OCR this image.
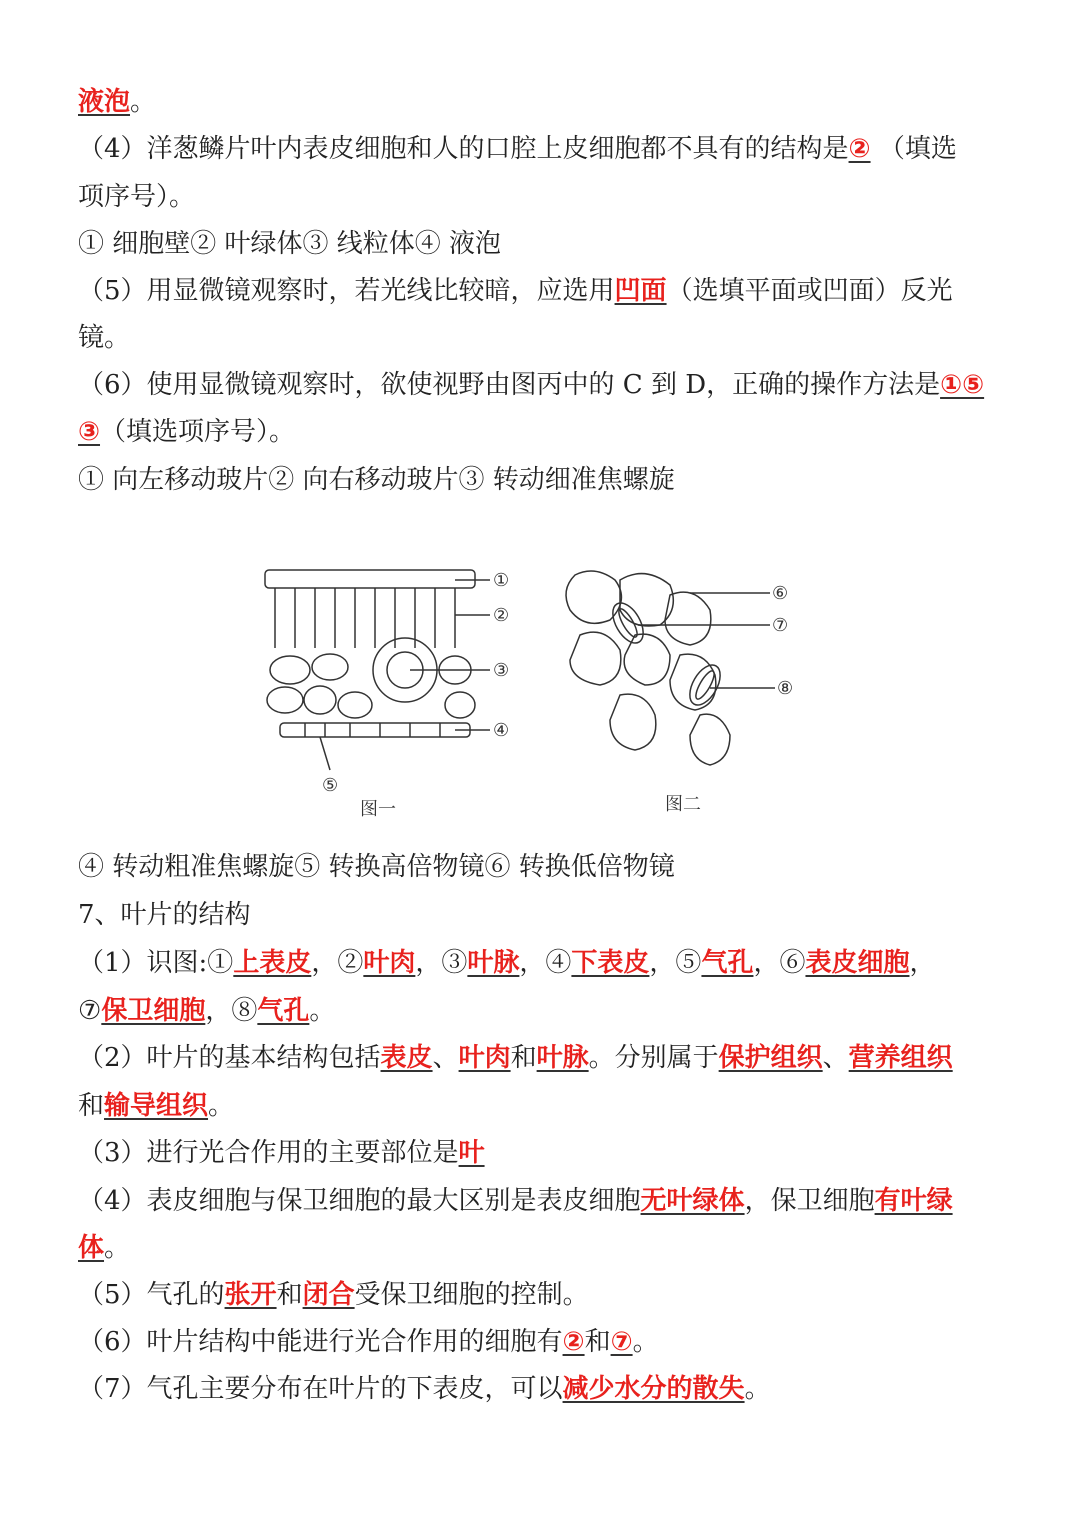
液泡。
（4）洋葱鳞片叶内表皮细胞和人的口腔上皮细胞都不具有的结构是② （填选
项序号）。
① 细胞壁② 叶绿体③ 线粒体④ 液泡
（5）用显微镜观察时，若光线比较暗，应选用凹面（选填平面或凹面）反光
镜。
（6）使用显微镜观察时，欲使视野由图丙中的 C 到 D，正确的操作方法是①⑤
③（填选项序号）。
① 向左移动玻片② 向右移动玻片③ 转动细准焦螺旋
④ 转动粗准焦螺旋⑤ 转换高倍物镜⑥ 转换低倍物镜
7、叶片的结构
（1）识图:①上表皮，②叶肉，③叶脉，④下表皮，⑤气孔，⑥表皮细胞，
⑦保卫细胞，⑧气孔。
（2）叶片的基本结构包括表皮、叶肉和叶脉。分别属于保护组织、营养组织
和输导组织。
（3）进行光合作用的主要部位是叶
（4）表皮细胞与保卫细胞的最大区别是表皮细胞无叶绿体，保卫细胞有叶绿
体。
（5）气孔的张开和闭合受保卫细胞的控制。
（6）叶片结构中能进行光合作用的细胞有②和⑦。
（7）气孔主要分布在叶片的下表皮，可以减少水分的散失。
①
②
③
④
⑤
图一
⑥
⑦
⑧
图二
